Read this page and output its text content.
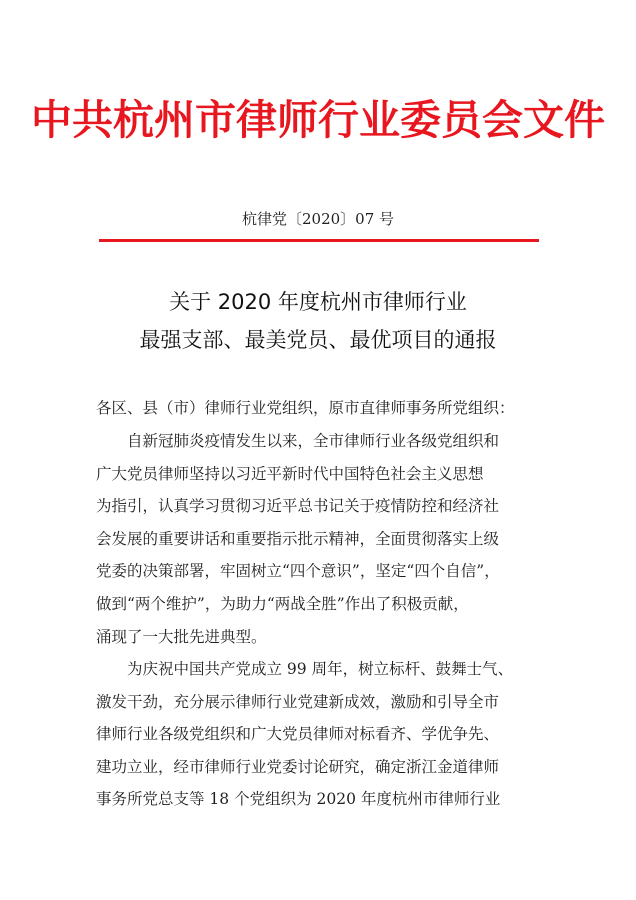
中共杭州市律师行业委员会文件
杭律党〔2020〕07 号
关于 2020 年度杭州市律师行业
最强支部、最美党员、最优项目的通报
各区、县（市）律师行业党组织，原市直律师事务所党组织：
自新冠肺炎疫情发生以来，全市律师行业各级党组织和
广大党员律师坚持以习近平新时代中国特色社会主义思想
为指引，认真学习贯彻习近平总书记关于疫情防控和经济社
会发展的重要讲话和重要指示批示精神，全面贯彻落实上级
党委的决策部署，牢固树立“四个意识”，坚定“四个自信”，
做到“两个维护”，为助力“两战全胜”作出了积极贡献，
涌现了一大批先进典型。
为庆祝中国共产党成立 99 周年，树立标杆、鼓舞士气、
激发干劲，充分展示律师行业党建新成效，激励和引导全市
律师行业各级党组织和广大党员律师对标看齐、学优争先、
建功立业，经市律师行业党委讨论研究，确定浙江金道律师
事务所党总支等 18 个党组织为 2020 年度杭州市律师行业
